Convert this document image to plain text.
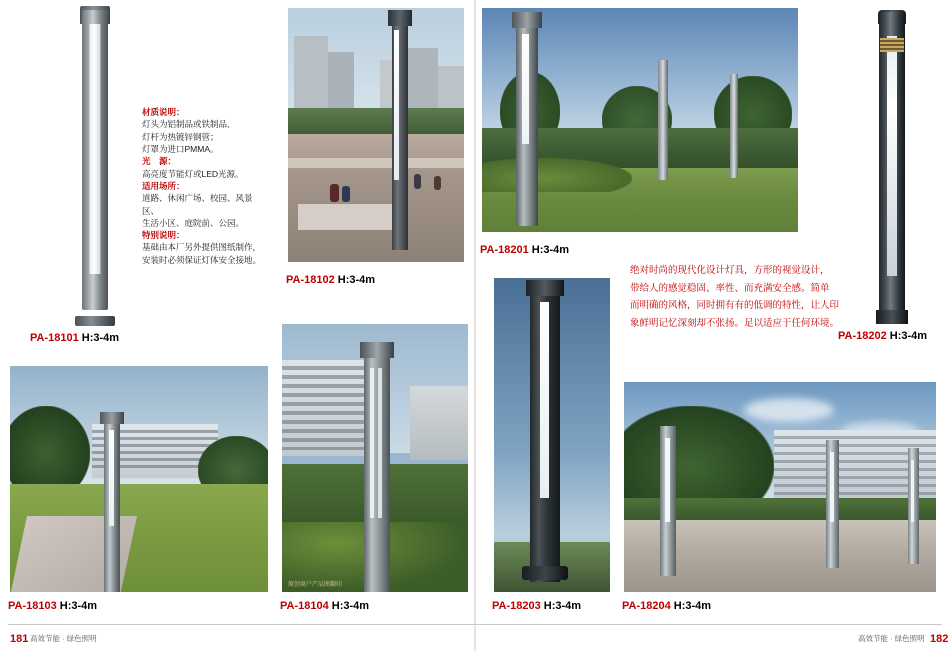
PA-18101 H:3-4m
材质说明：
灯头为铝制品或铁制品,
灯杆为热镀锌钢管；
灯罩为进口PMMA。
光　源：
高亮度节能灯或LED光源。
适用场所：
道路、休闲广场、校园、风景区、
生活小区、庭院前、公园。
特别说明：
基础由本厂另外提供图纸制作，
安装时必须保证灯体安全接地。
PA-18102 H:3-4m
PA-18201 H:3-4m
PA-18202 H:3-4m
绝对时尚的现代化设计灯具，方形的视觉设计，
带给人的感觉稳固、率性、而充满安全感。简单
而明确的风格，同时拥有有的低调的特性，让人印
象鲜明记忆深刻却不张扬。足以适应于任何环境。
PA-18103 H:3-4m
原创商户产品图翻印
PA-18104 H:3-4m	PA-18203 H:3-4m	PA-18204 H:3-4m
181 高效节能 · 绿色照明	182
高效节能 · 绿色照明
